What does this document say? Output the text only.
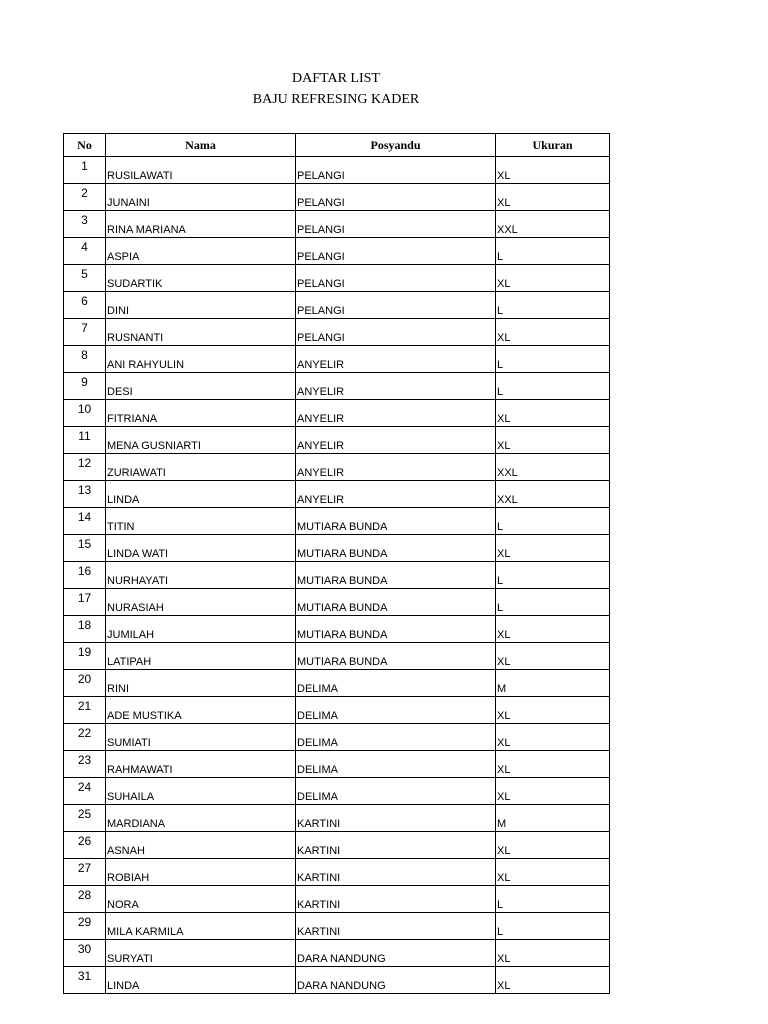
DAFTAR LIST
BAJU REFRESING KADER
No	Nama	Posyandu	Ukuran
1	RUSILAWATI	PELANGI	XL
2	JUNAINI	PELANGI	XL
3	RINA MARIANA	PELANGI	XXL
4	ASPIA	PELANGI	L
5	SUDARTIK	PELANGI	XL
6	DINI	PELANGI	L
7	RUSNANTI	PELANGI	XL
8	ANI RAHYULIN	ANYELIR	L
9	DESI	ANYELIR	L
10	FITRIANA	ANYELIR	XL
11	MENA GUSNIARTI	ANYELIR	XL
12	ZURIAWATI	ANYELIR	XXL
13	LINDA	ANYELIR	XXL
14	TITIN	MUTIARA BUNDA	L
15	LINDA WATI	MUTIARA BUNDA	XL
16	NURHAYATI	MUTIARA BUNDA	L
17	NURASIAH	MUTIARA BUNDA	L
18	JUMILAH	MUTIARA BUNDA	XL
19	LATIPAH	MUTIARA BUNDA	XL
20	RINI	DELIMA	M
21	ADE MUSTIKA	DELIMA	XL
22	SUMIATI	DELIMA	XL
23	RAHMAWATI	DELIMA	XL
24	SUHAILA	DELIMA	XL
25	MARDIANA	KARTINI	M
26	ASNAH	KARTINI	XL
27	ROBIAH	KARTINI	XL
28	NORA	KARTINI	L
29	MILA KARMILA	KARTINI	L
30	SURYATI	DARA NANDUNG	XL
31	LINDA	DARA NANDUNG	XL
